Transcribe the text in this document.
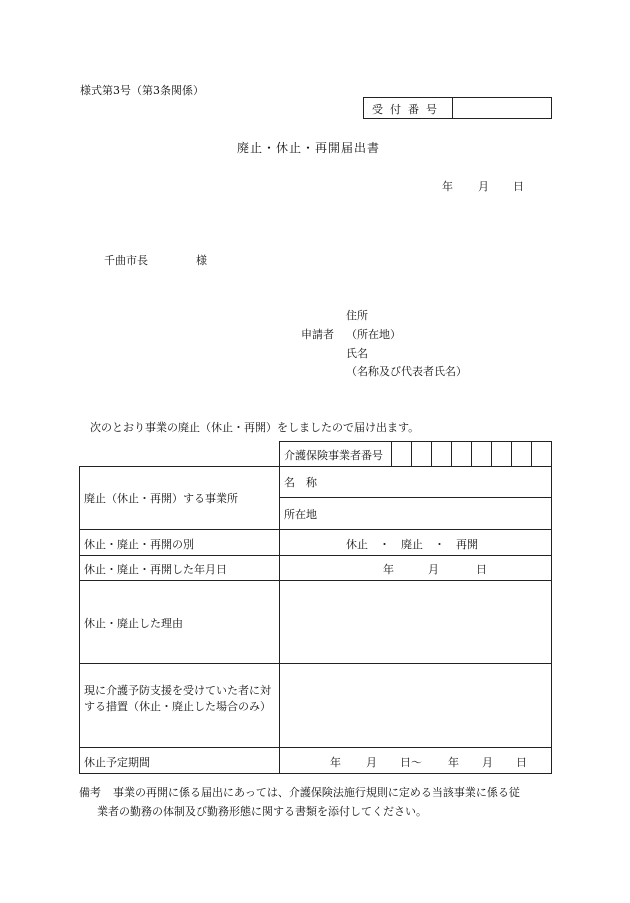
様式第3号（第3条関係）
受付番号
廃止・休止・再開届出書
年 月 日
千曲市長	様
住所
申請者 （所在地）
氏名
（名称及び代表者氏名）
次のとおり事業の廃止（休止・再開）をしましたので届け出ます。
介護保険事業者番号
廃止（休止・再開）する事業所
名　称
所在地
休止・廃止・再開の別	休止　・　廃止　・　再開
休止・廃止・再開した年月日	年	月	日
休止・廃止した理由
現に介護予防支援を受けていた者に対する措置（休止・廃止した場合のみ）
休止予定期間	年 月 日～ 年 月 日
備考 事業の再開に係る届出にあっては、介護保険法施行規則に定める当該事業に係る従
業者の勤務の体制及び勤務形態に関する書類を添付してください。
